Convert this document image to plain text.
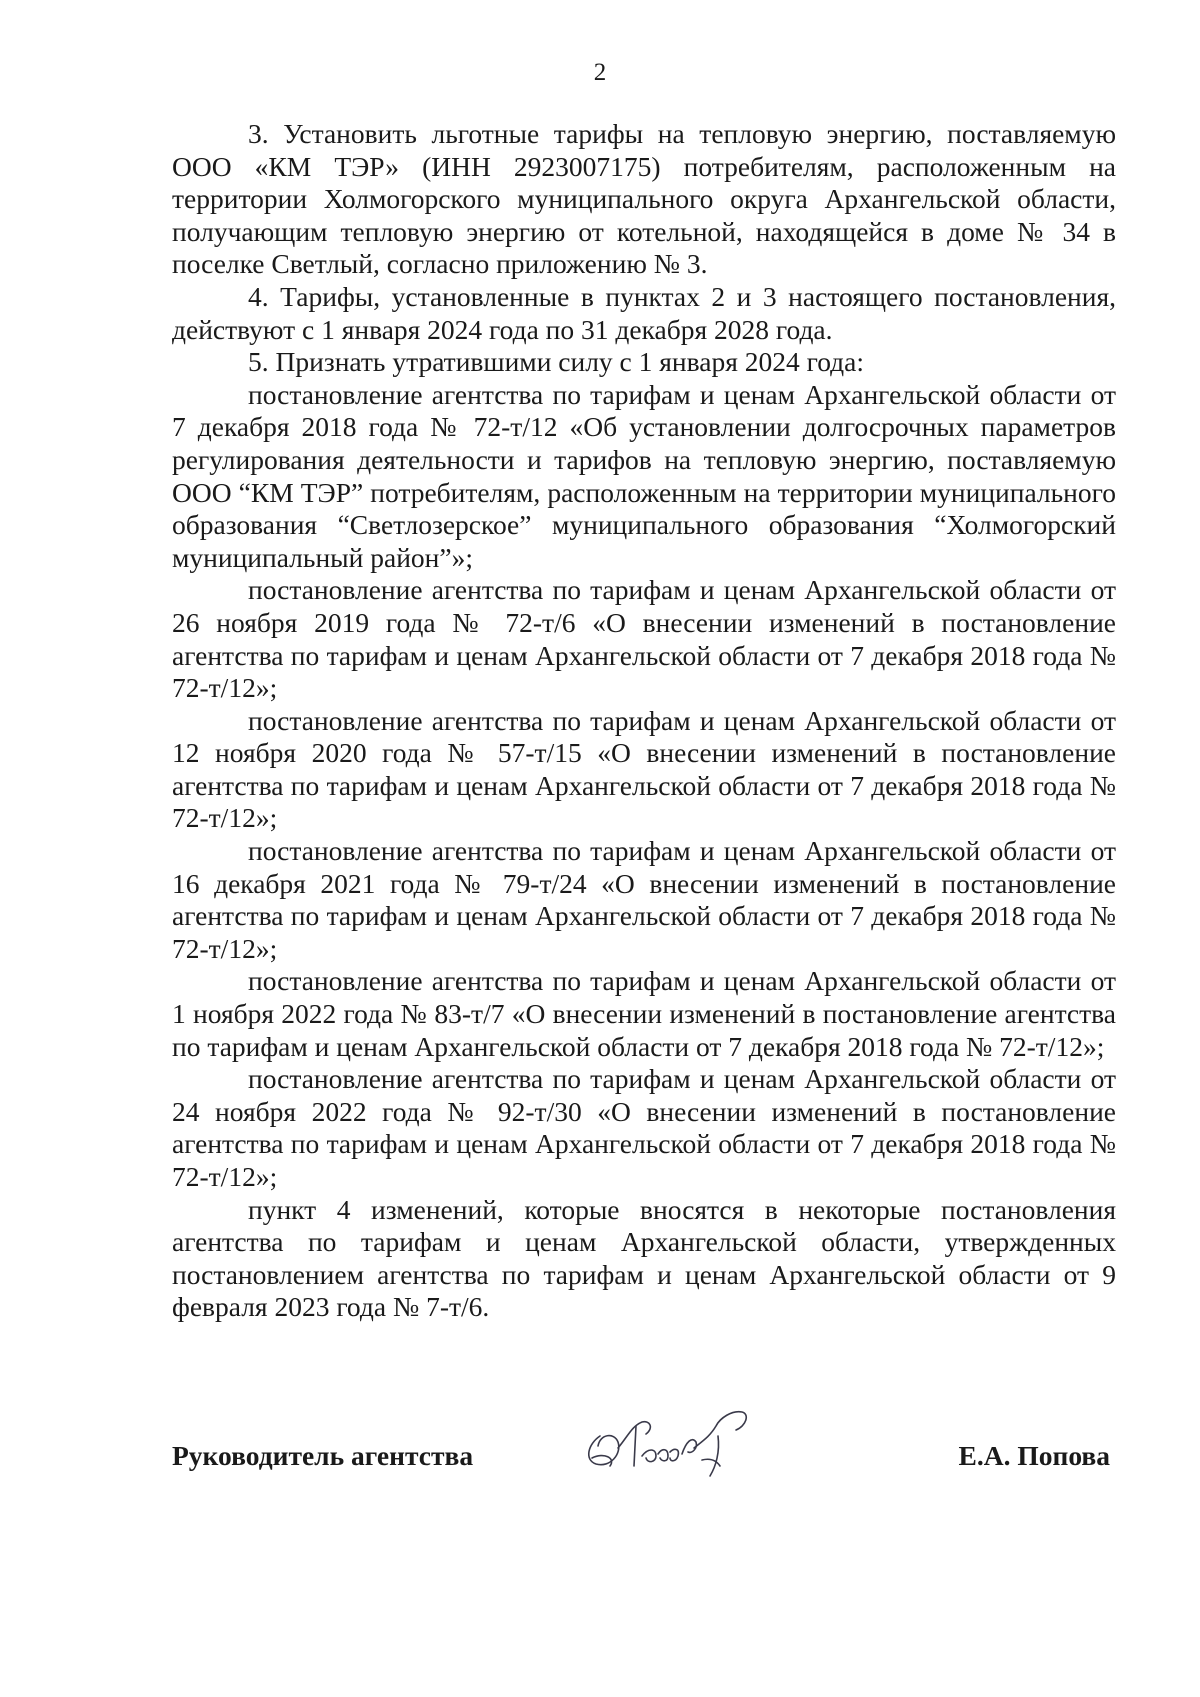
2

3. Установить льготные тарифы на тепловую энергию, поставляемую ООО «КМ ТЭР» (ИНН 2923007175) потребителям, расположенным на территории Холмогорского муниципального округа Архангельской области, получающим тепловую энергию от котельной, находящейся в доме № 34 в поселке Светлый, согласно приложению № 3.

4. Тарифы, установленные в пунктах 2 и 3 настоящего постановления, действуют с 1 января 2024 года по 31 декабря 2028 года.

5. Признать утратившими силу с 1 января 2024 года:

постановление агентства по тарифам и ценам Архангельской области от 7 декабря 2018 года № 72-т/12 «Об установлении долгосрочных параметров регулирования деятельности и тарифов на тепловую энергию, поставляемую ООО “КМ ТЭР” потребителям, расположенным на территории муниципального образования “Светлозерское” муниципального образования “Холмогорский муниципальный район”»;

постановление агентства по тарифам и ценам Архангельской области от 26 ноября 2019 года № 72-т/6 «О внесении изменений в постановление агентства по тарифам и ценам Архангельской области от 7 декабря 2018 года № 72-т/12»;

постановление агентства по тарифам и ценам Архангельской области от 12 ноября 2020 года № 57-т/15 «О внесении изменений в постановление агентства по тарифам и ценам Архангельской области от 7 декабря 2018 года № 72-т/12»;

постановление агентства по тарифам и ценам Архангельской области от 16 декабря 2021 года № 79-т/24 «О внесении изменений в постановление агентства по тарифам и ценам Архангельской области от 7 декабря 2018 года № 72-т/12»;

постановление агентства по тарифам и ценам Архангельской области от 1 ноября 2022 года № 83-т/7 «О внесении изменений в постановление агентства по тарифам и ценам Архангельской области от 7 декабря 2018 года № 72-т/12»;

постановление агентства по тарифам и ценам Архангельской области от 24 ноября 2022 года № 92-т/30 «О внесении изменений в постановление агентства по тарифам и ценам Архангельской области от 7 декабря 2018 года № 72-т/12»;

пункт 4 изменений, которые вносятся в некоторые постановления агентства по тарифам и ценам Архангельской области, утвержденных постановлением агентства по тарифам и ценам Архангельской области от 9 февраля 2023 года № 7-т/6.

Руководитель агентства	Е.А. Попова
